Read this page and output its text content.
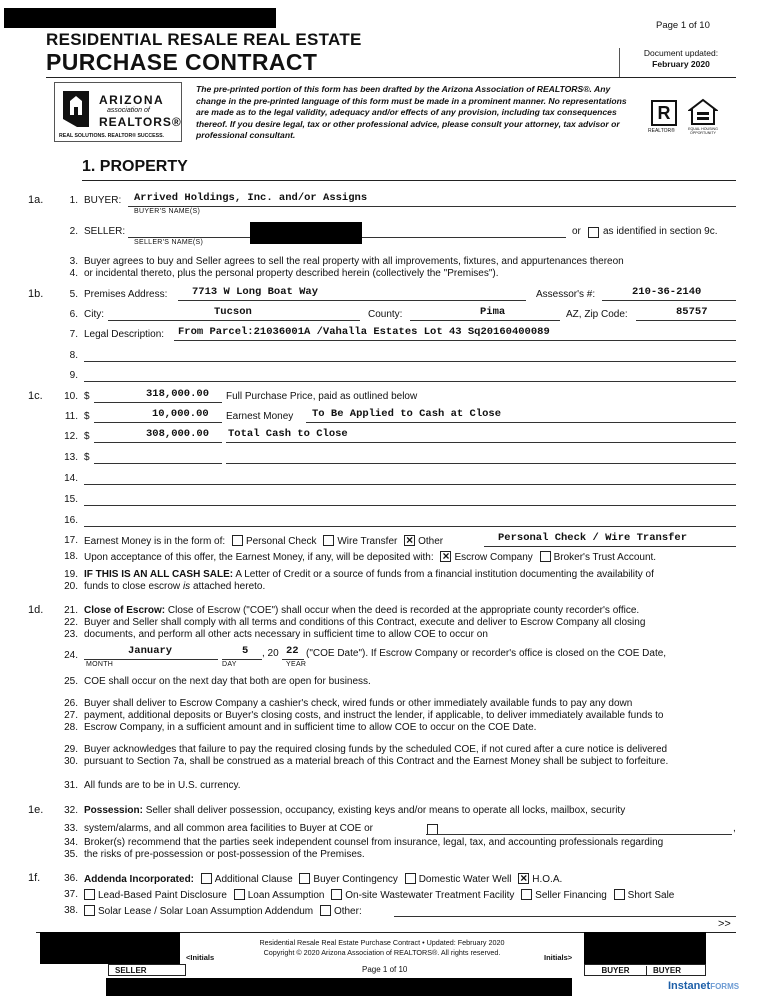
Page 1 of 10
RESIDENTIAL RESALE REAL ESTATE
PURCHASE CONTRACT	Document updated:
February 2020
ARIZONA
association of
REALTORS®
REAL SOLUTIONS. REALTOR® SUCCESS.
The pre-printed portion of this form has been drafted by the Arizona Association of REALTORS®. Any change in the pre-printed language of this form must be made in a prominent manner. No representations are made as to the legal validity, adequacy and/or effects of any provision, including tax consequences thereof. If you desire legal, tax or other professional advice, please consult your attorney, tax advisor or professional consultant.
R
REALTOR®	EQUAL HOUSING OPPORTUNITY
1. PROPERTY
1a.	1. BUYER: Arrived Holdings, Inc. and/or Assigns
BUYER'S NAME(S)
2. SELLER:
SELLER'S NAME(S)
or
as identified in section 9c.
3. Buyer agrees to buy and Seller agrees to sell the real property with all improvements, fixtures, and appurtenances thereon
4. or incidental thereto, plus the personal property described herein (collectively the "Premises").
1b.	5. Premises Address: 7713 W Long Boat Way	Assessor's #:	210-36-2140
6. City:	Tucson	County:	Pima	AZ, Zip Code:	85757
7. Legal Description: From Parcel:21036001A /Vahalla Estates Lot 43 Sq20160400089
8.
9.
1c.	10. $	318,000.00 Full Purchase Price, paid as outlined below
11. $	10,000.00 Earnest Money To Be Applied to Cash at Close
12. $	308,000.00 Total Cash to Close
13. $
14.
15.
16.
17. Earnest Money is in the form of: Personal Check Wire Transfer × Other	Personal Check / Wire Transfer
18. Upon acceptance of this offer, the Earnest Money, if any, will be deposited with: × Escrow Company Broker's Trust Account.
19. IF THIS IS AN ALL CASH SALE: A Letter of Credit or a source of funds from a financial institution documenting the availability of
20. funds to close escrow is attached hereto.
1d.	21. Close of Escrow: Close of Escrow ("COE") shall occur when the deed is recorded at the appropriate county recorder's office.
22. Buyer and Seller shall comply with all terms and conditions of this Contract, execute and deliver to Escrow Company all closing
23. documents, and perform all other acts necessary in sufficient time to allow COE to occur on
24.	January	5 , 20 22 ("COE Date"). If Escrow Company or recorder's office is closed on the COE Date,
MONTH	DAY	YEAR
25. COE shall occur on the next day that both are open for business.
26. Buyer shall deliver to Escrow Company a cashier's check, wired funds or other immediately available funds to pay any down
27. payment, additional deposits or Buyer's closing costs, and instruct the lender, if applicable, to deliver immediately available funds to
28. Escrow Company, in a sufficient amount and in sufficient time to allow COE to occur on the COE Date.
29. Buyer acknowledges that failure to pay the required closing funds by the scheduled COE, if not cured after a cure notice is delivered
30. pursuant to Section 7a, shall be construed as a material breach of this Contract and the Earnest Money shall be subject to forfeiture.
31. All funds are to be in U.S. currency.
1e.	32. Possession: Seller shall deliver possession, occupancy, existing keys and/or means to operate all locks, mailbox, security
33. system/alarms, and all common area facilities to Buyer at COE or	,
34. Broker(s) recommend that the parties seek independent counsel from insurance, legal, tax, and accounting professionals regarding
35. the risks of pre-possession or post-possession of the Premises.
1f.	36. Addenda Incorporated: Additional Clause Buyer Contingency Domestic Water Well × H.O.A.
37.	Lead-Based Paint Disclosure Loan Assumption On-site Wastewater Treatment Facility Seller Financing Short Sale
38.	Solar Lease / Solar Loan Assumption Addendum Other:
>>
SELLER
<Initials
Residential Resale Real Estate Purchase Contract • Updated: February 2020
Copyright © 2020 Arizona Association of REALTORS®. All rights reserved.
Page 1 of 10
Initials>
BUYER	BUYER
InstanetFORMS
